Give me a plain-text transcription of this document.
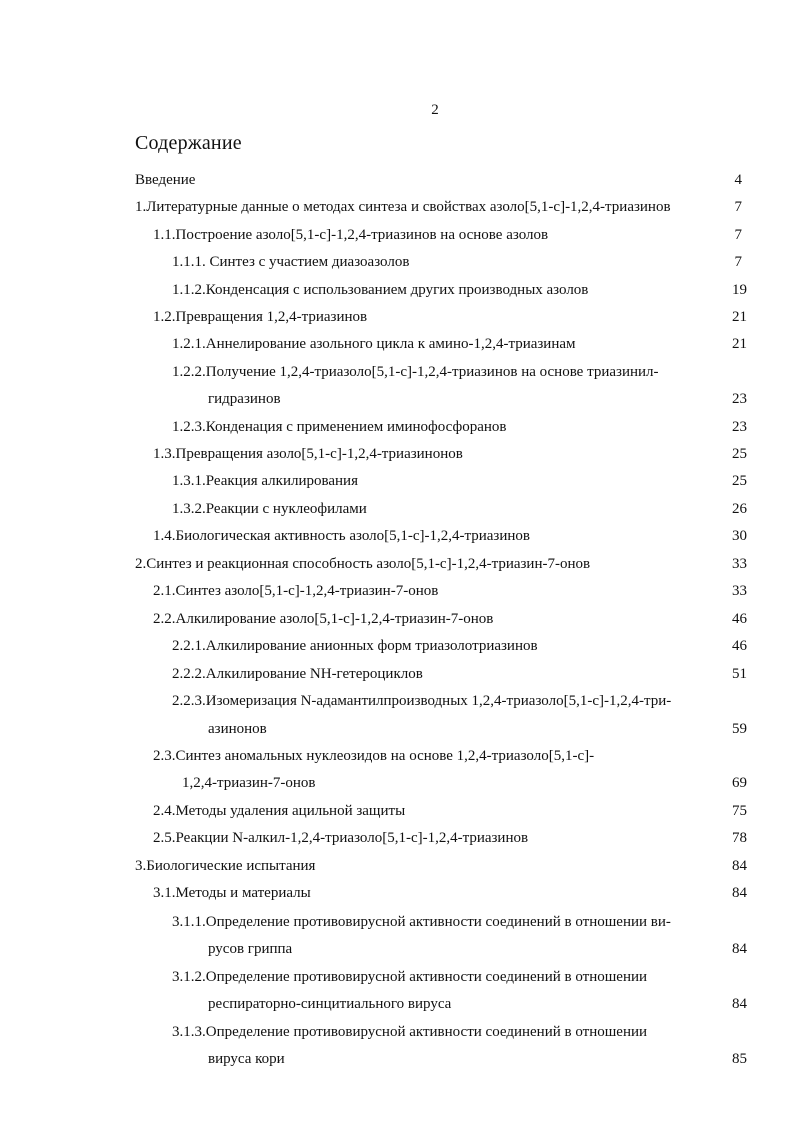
2
Содержание
Введение	4
1.Литературные данные о методах синтеза и свойствах азоло[5,1-с]-1,2,4-триазинов	7
1.1.Построение азоло[5,1-с]-1,2,4-триазинов на основе азолов	7
1.1.1. Синтез с участием диазоазолов	7
1.1.2.Конденсация с использованием других производных азолов	19
1.2.Превращения 1,2,4-триазинов	21
1.2.1.Аннелирование азольного цикла к амино-1,2,4-триазинам	21
1.2.2.Получение 1,2,4-триазоло[5,1-с]-1,2,4-триазинов на основе триазинил-
гидразинов	23
1.2.3.Конденация с применением иминофосфоранов	23
1.3.Превращения азоло[5,1-с]-1,2,4-триазинонов	25
1.3.1.Реакция алкилирования	25
1.3.2.Реакции с нуклеофилами	26
1.4.Биологическая активность азоло[5,1-с]-1,2,4-триазинов	30
2.Синтез и реакционная способность азоло[5,1-с]-1,2,4-триазин-7-онов	33
2.1.Синтез азоло[5,1-с]-1,2,4-триазин-7-онов	33
2.2.Алкилирование азоло[5,1-с]-1,2,4-триазин-7-онов	46
2.2.1.Алкилирование анионных форм триазолотриазинов	46
2.2.2.Алкилирование NH-гетероциклов	51
2.2.3.Изомеризация N-адамантилпроизводных 1,2,4-триазоло[5,1-с]-1,2,4-три-
азинонов	59
2.3.Синтез аномальных нуклеозидов на основе 1,2,4-триазоло[5,1-с]-
1,2,4-триазин-7-онов	69
2.4.Методы удаления ацильной защиты	75
2.5.Реакции N-алкил-1,2,4-триазоло[5,1-с]-1,2,4-триазинов	78
3.Биологические испытания	84
3.1.Методы и материалы	84
3.1.1.Определение противовирусной активности соединений в отношении ви-
русов гриппа	84
3.1.2.Определение противовирусной активности соединений в отношении
респираторно-синцитиального вируса	84
3.1.3.Определение противовирусной активности соединений в отношении
вируса кори	85
